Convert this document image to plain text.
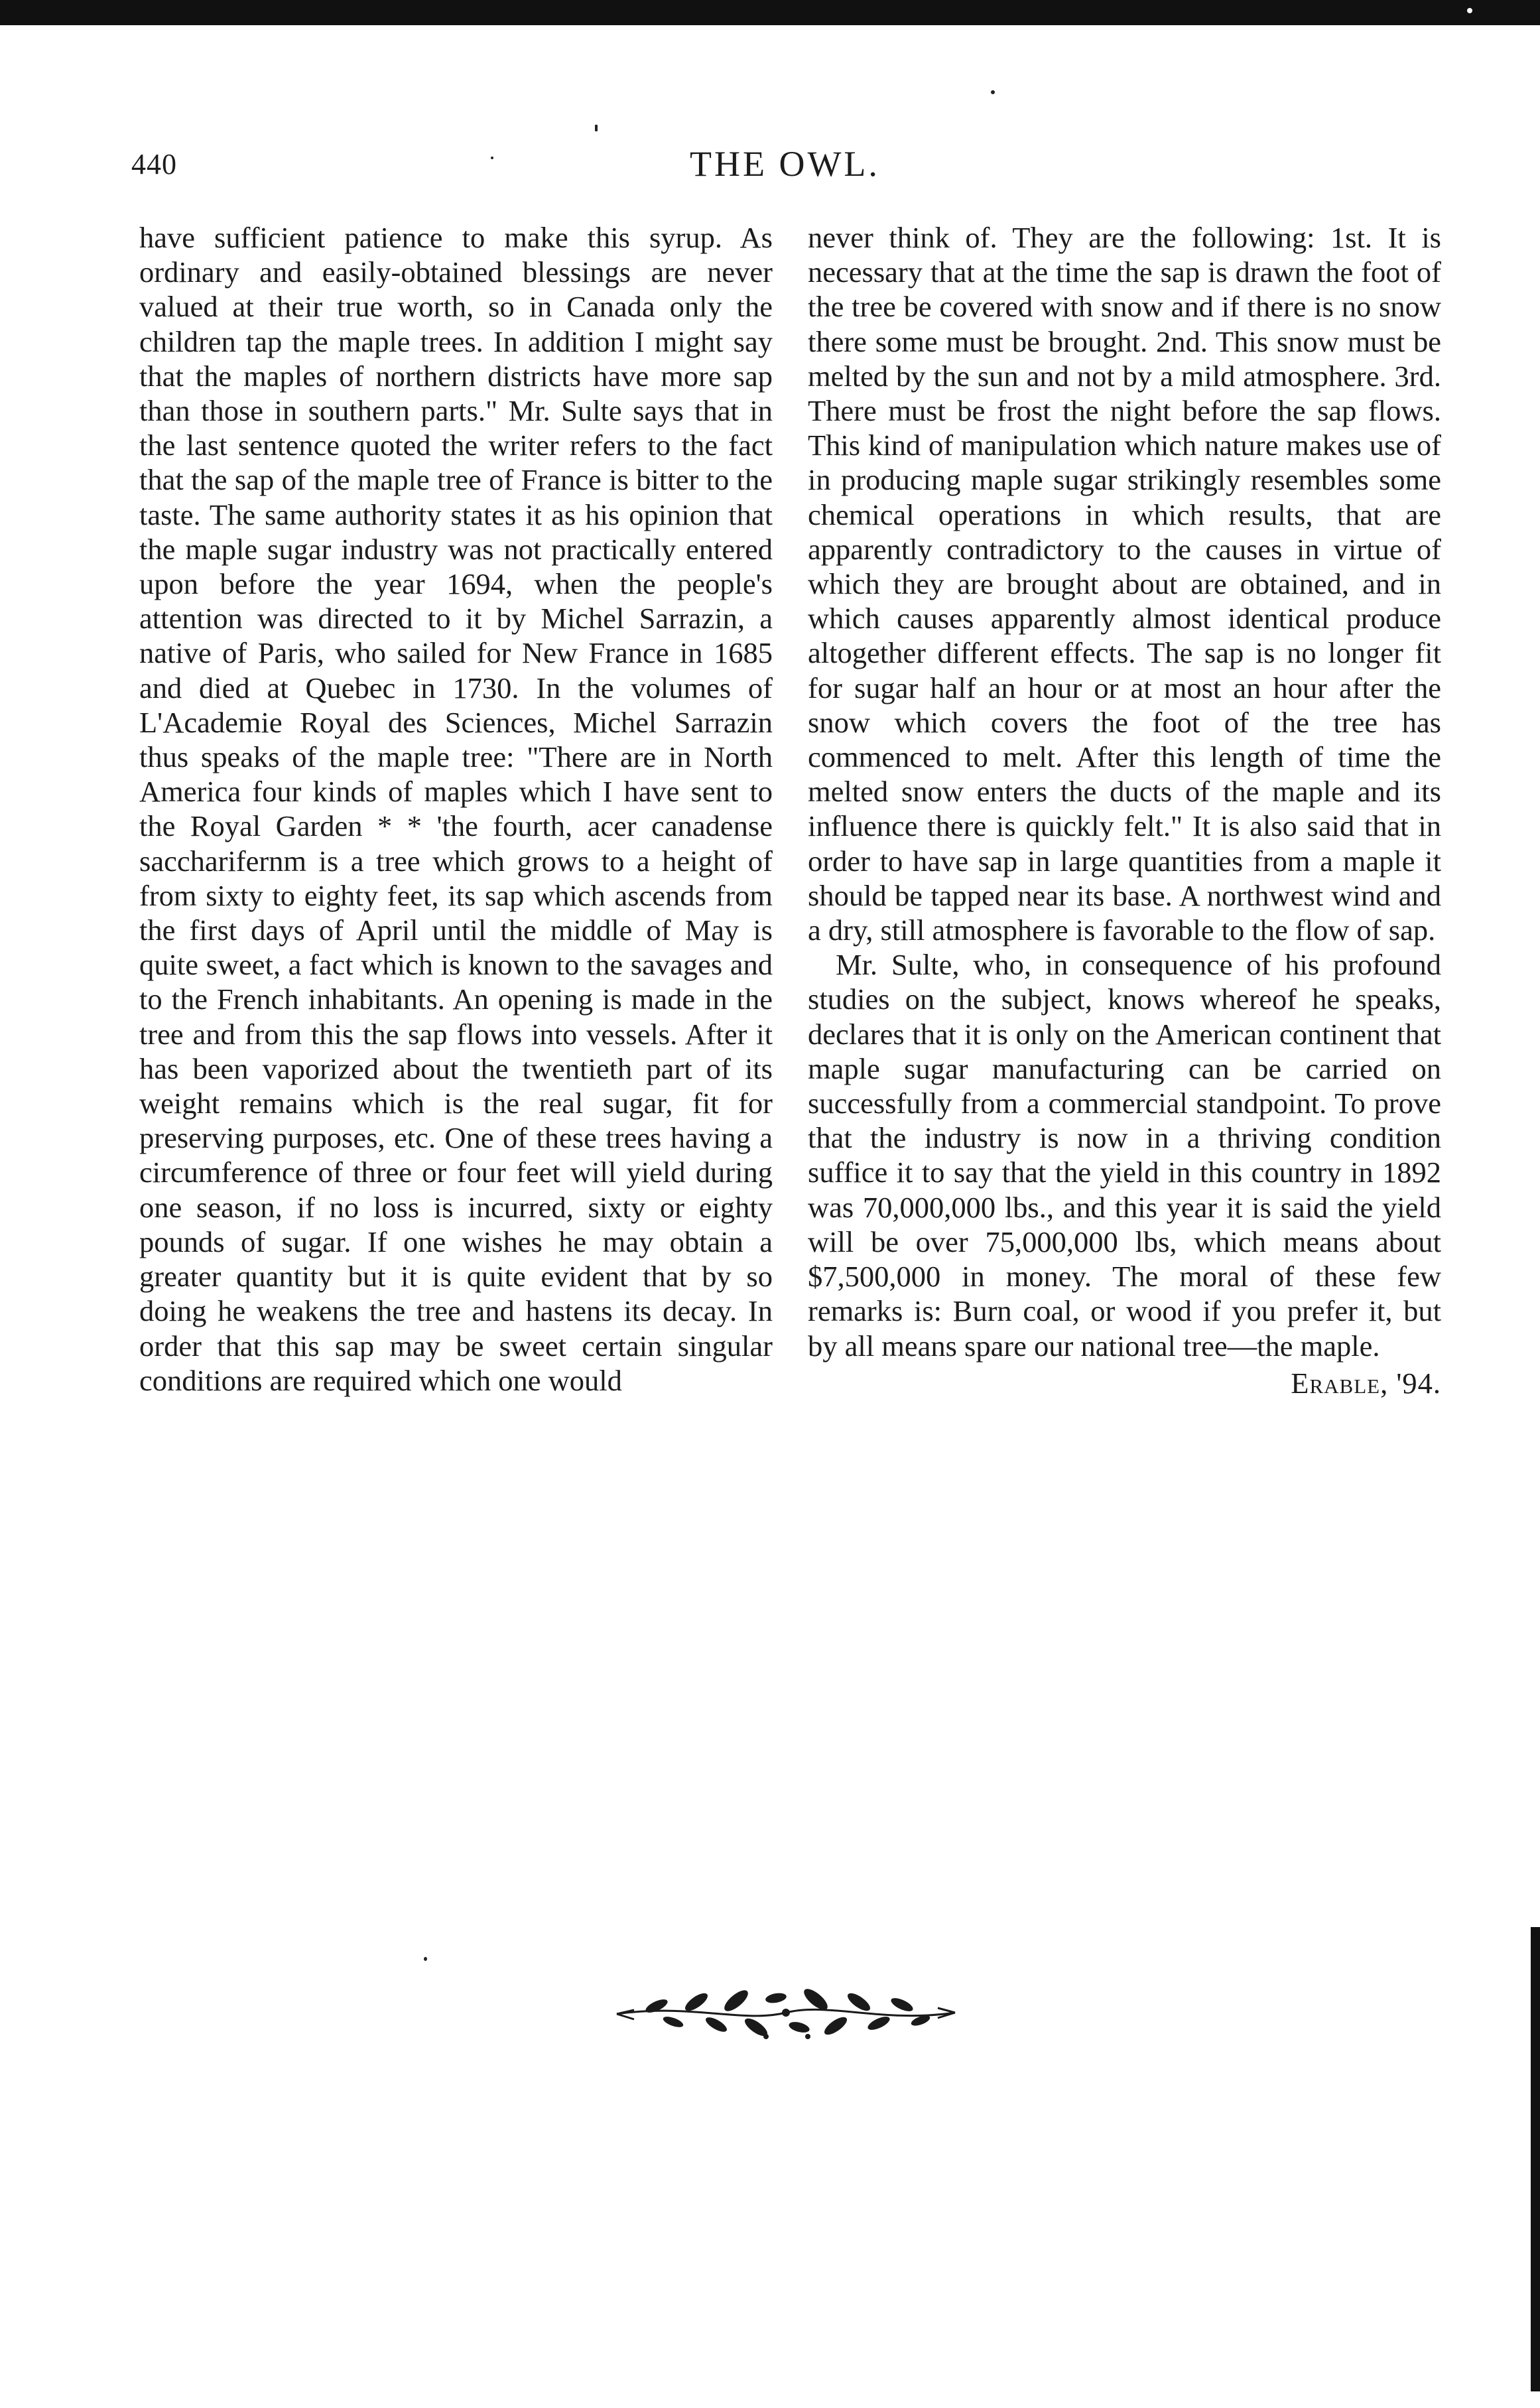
440	THE OWL.

have sufficient patience to make this syrup. As ordinary and easily-obtained blessings are never valued at their true worth, so in Canada only the children tap the maple trees. In addition I might say that the maples of northern districts have more sap than those in southern parts." Mr. Sulte says that in the last sentence quoted the writer refers to the fact that the sap of the maple tree of France is bitter to the taste. The same authority states it as his opinion that the maple sugar industry was not practically entered upon before the year 1694, when the people's attention was directed to it by Michel Sarrazin, a native of Paris, who sailed for New France in 1685 and died at Quebec in 1730. In the volumes of L'Academie Royal des Sciences, Michel Sarrazin thus speaks of the maple tree: "There are in North America four kinds of maples which I have sent to the Royal Garden * * 'the fourth, acer canadense saccharifernm is a tree which grows to a height of from sixty to eighty feet, its sap which ascends from the first days of April until the middle of May is quite sweet, a fact which is known to the savages and to the French inhabitants. An opening is made in the tree and from this the sap flows into vessels. After it has been vaporized about the twentieth part of its weight remains which is the real sugar, fit for preserving purposes, etc. One of these trees having a circumference of three or four feet will yield during one season, if no loss is incurred, sixty or eighty pounds of sugar. If one wishes he may obtain a greater quantity but it is quite evident that by so doing he weakens the tree and hastens its decay. In order that this sap may be sweet certain singular conditions are required which one would

never think of. They are the following: 1st. It is necessary that at the time the sap is drawn the foot of the tree be covered with snow and if there is no snow there some must be brought. 2nd. This snow must be melted by the sun and not by a mild atmosphere. 3rd. There must be frost the night before the sap flows. This kind of manipulation which nature makes use of in producing maple sugar strikingly resembles some chemical operations in which results, that are apparently contradictory to the causes in virtue of which they are brought about are obtained, and in which causes apparently almost identical produce altogether different effects. The sap is no longer fit for sugar half an hour or at most an hour after the snow which covers the foot of the tree has commenced to melt. After this length of time the melted snow enters the ducts of the maple and its influence there is quickly felt." It is also said that in order to have sap in large quantities from a maple it should be tapped near its base. A northwest wind and a dry, still atmosphere is favorable to the flow of sap.

Mr. Sulte, who, in consequence of his profound studies on the subject, knows whereof he speaks, declares that it is only on the American continent that maple sugar manufacturing can be carried on successfully from a commercial standpoint. To prove that the industry is now in a thriving condition suffice it to say that the yield in this country in 1892 was 70,000,000 lbs., and this year it is said the yield will be over 75,000,000 lbs, which means about $7,500,000 in money. The moral of these few remarks is: Burn coal, or wood if you prefer it, but by all means spare our national tree—the maple.

Erable, '94.
